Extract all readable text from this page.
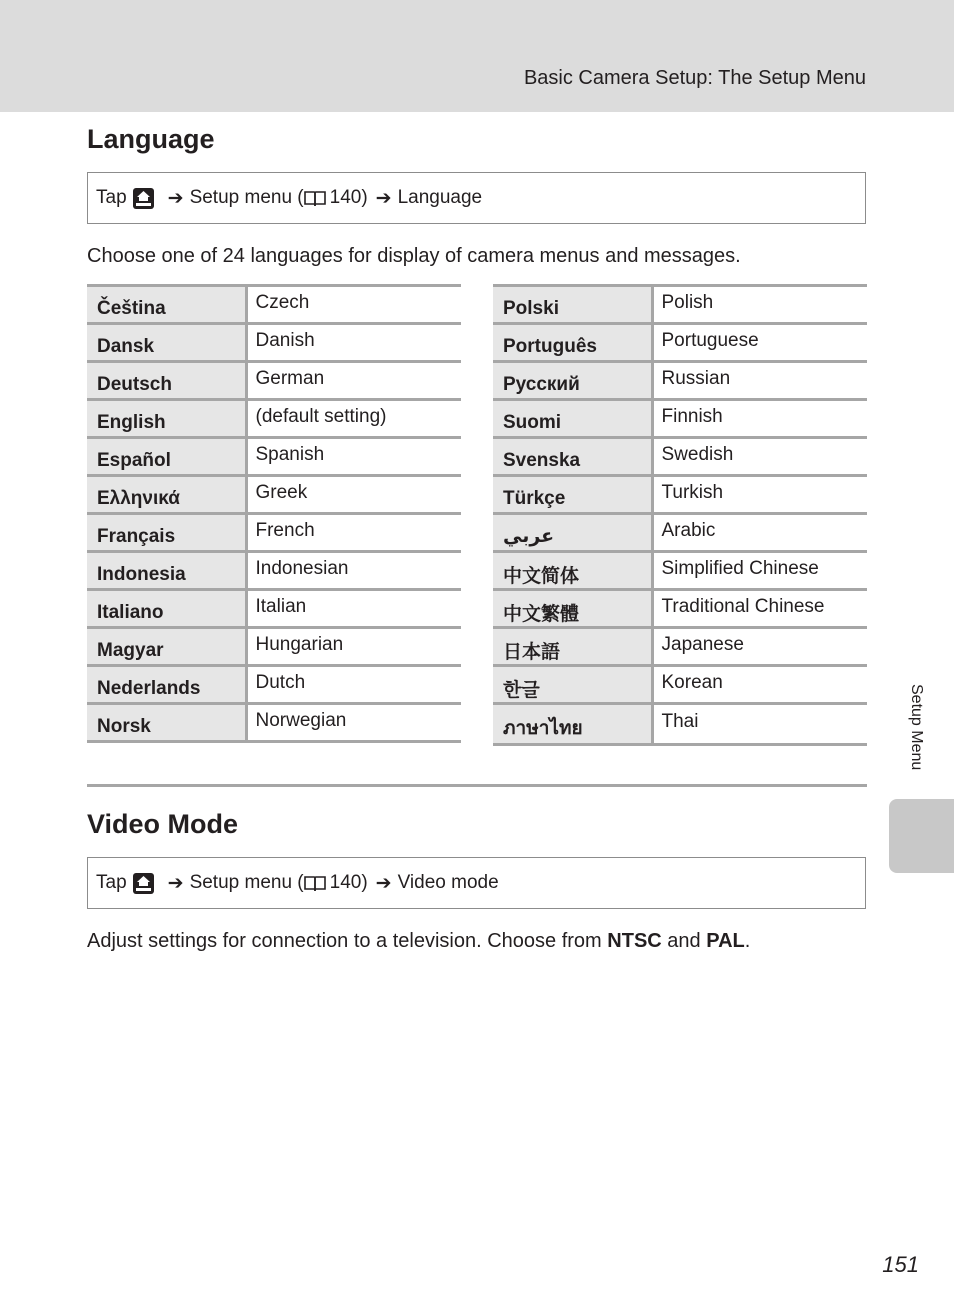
Basic Camera Setup: The Setup Menu
Language
Tap ➔ Setup menu ( 140) ➔ Language

Choose one of 24 languages for display of camera menus and messages.

Čeština	Czech
Dansk	Danish
Deutsch	German
English	(default setting)
Español	Spanish
Ελληνικά	Greek
Français	French
Indonesia	Indonesian
Italiano	Italian
Magyar	Hungarian
Nederlands	Dutch
Norsk	Norwegian
Polski	Polish
Português	Portuguese
Русский	Russian
Suomi	Finnish
Svenska	Swedish
Türkçe	Turkish
عربي	Arabic
中文简体	Simplified Chinese
中文繁體	Traditional Chinese
日本語	Japanese
한글	Korean
ภาษาไทย	Thai
Video Mode
Tap ➔ Setup menu ( 140) ➔ Video mode

Adjust settings for connection to a television. Choose from NTSC and PAL.

Setup Menu
151
